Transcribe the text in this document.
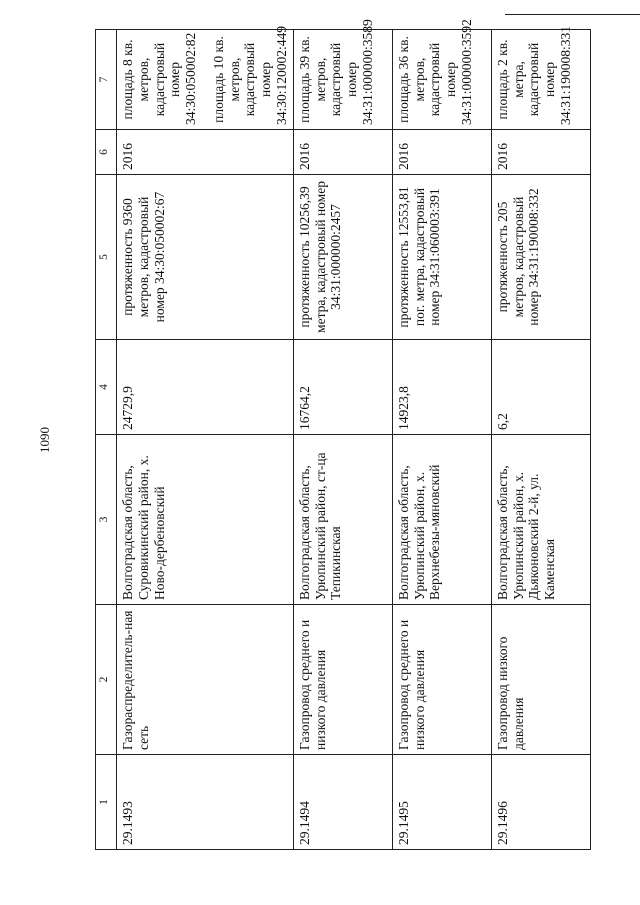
1090
1	2	3	4	5	6	7
29.1493	Газораспределитель-ная сеть	Волгоградская область, Суровикинский район, х. Ново-дербеновский	24729,9	протяженность 9360 метров, кадастровый номер 34:30:050002:67	2016	площадь 8 кв. метров, кадастровый номер 34:30:050002:82 площадь 10 кв. метров, кадастровый номер 34:30:120002:449

29.1494	Газопровод среднего и низкого давления	Волгоградская область, Урюпинский район, ст-ца Тепикинская	16764,2	протяженность 10256,39 метра, кадастровый номер 34:31:000000:2457	2016	площадь 39 кв. метров, кадастровый номер 34:31:000000:3589
29.1495	Газопровод среднего и низкого давления	Волгоградская область, Урюпинский район, х. Верхнебезы-мяновский	14923,8	протяженность 12553,81 пог. метра, кадастровый номер 34:31:060003:391	2016	площадь 36 кв. метров, кадастровый номер 34:31:000000:3592
29.1496	Газопровод низкого давления	Волгоградская область, Урюпинский район, х. Дьяконовский 2-й, ул. Каменская	6,2	протяженность 205 метров, кадастровый номер 34:31:190008:332	2016	площадь 2 кв. метра, кадастровый номер 34:31:190008:331
